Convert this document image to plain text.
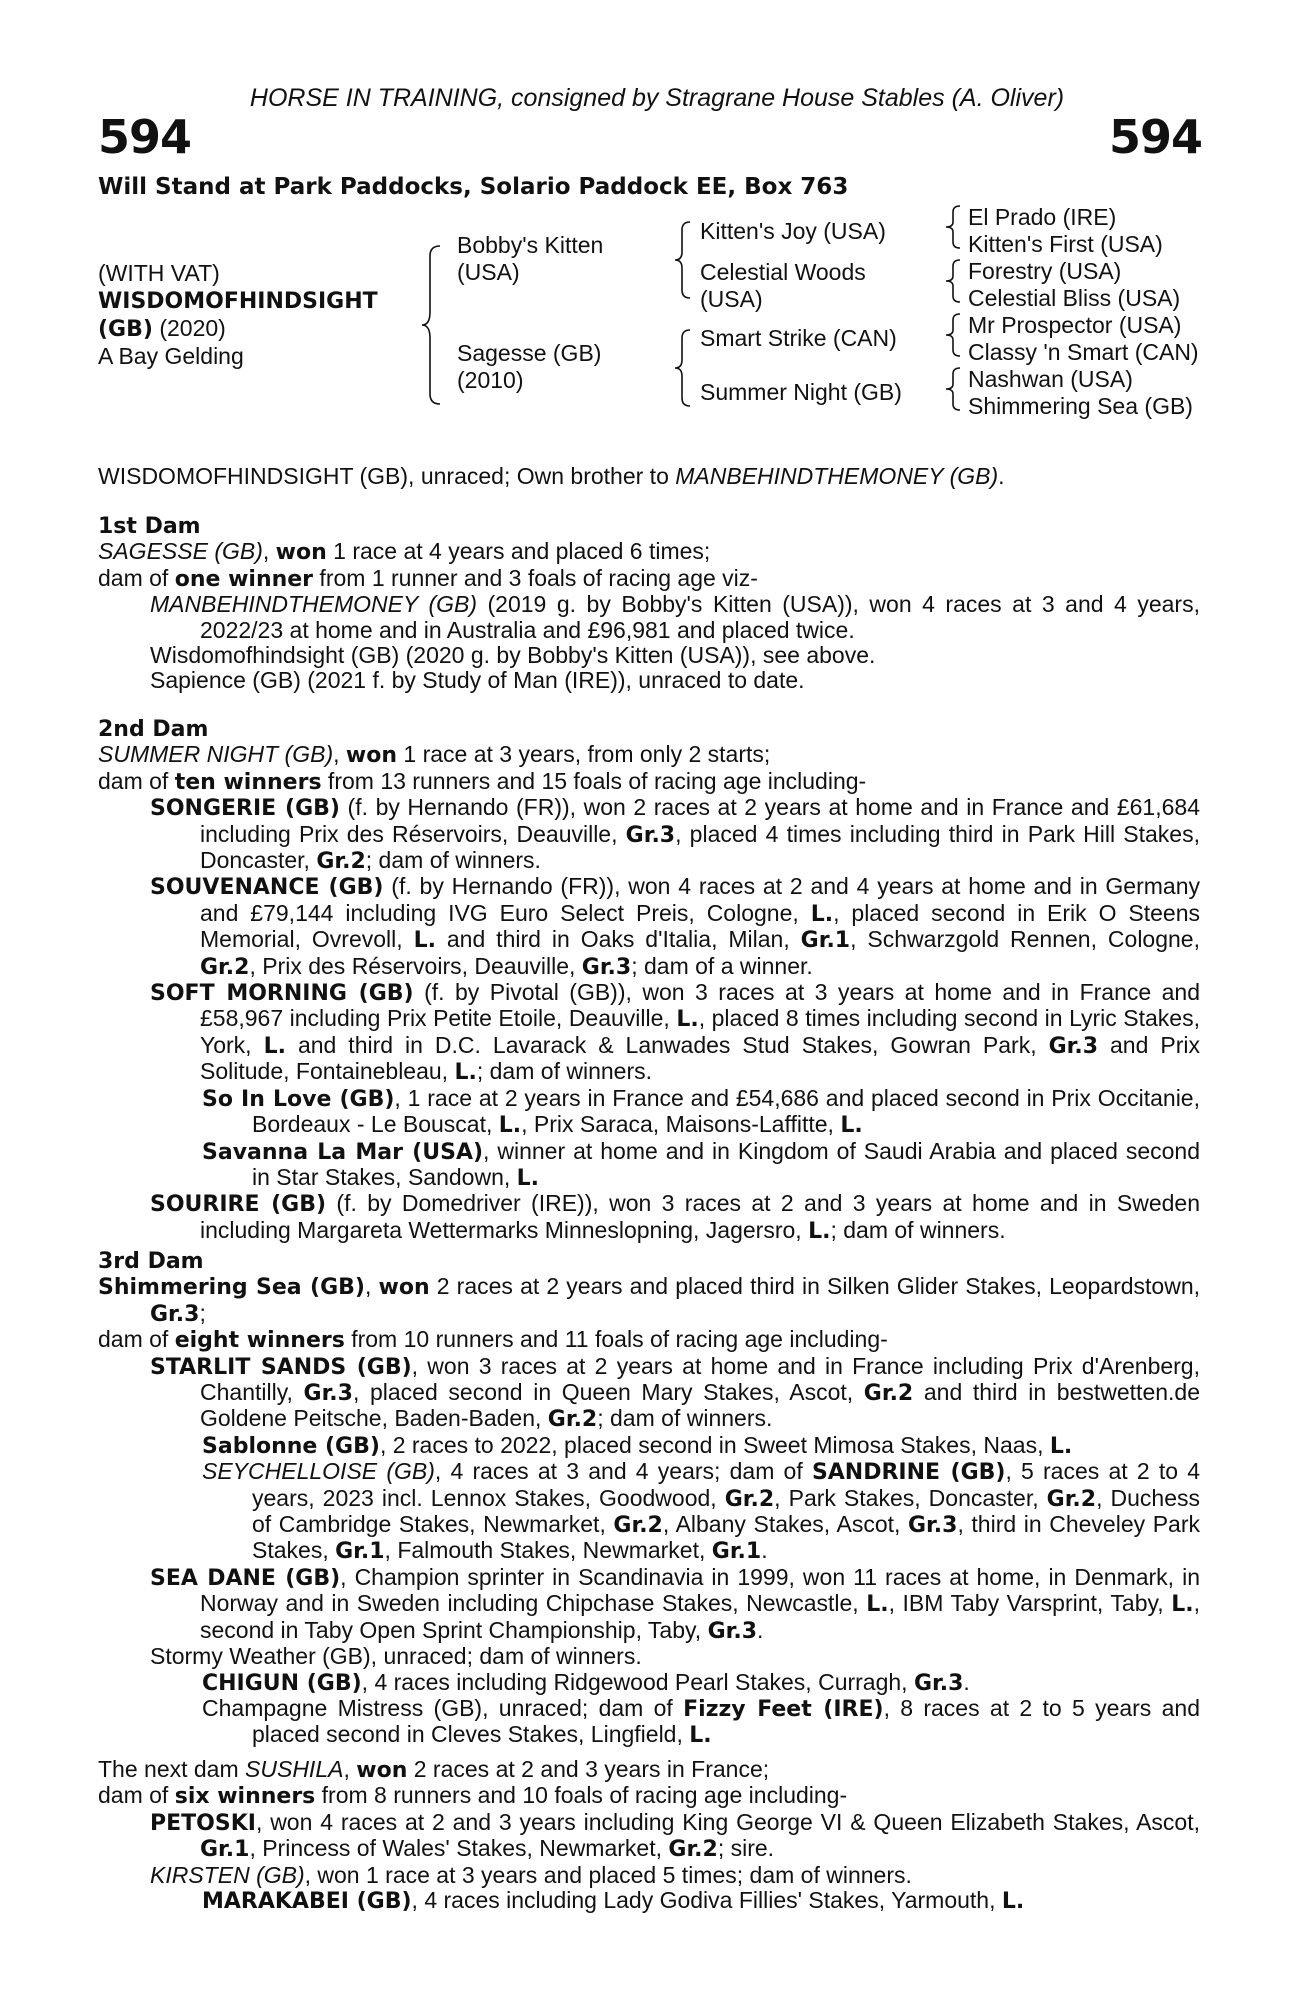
HORSE IN TRAINING, consigned by Stragrane House Stables (A. Oliver)
594	594
Will Stand at Park Paddocks, Solario Paddock EE, Box 763
(WITH VAT)
WISDOMOFHINDSIGHT
(GB) (2020)
A Bay Gelding
Bobby's Kitten
(USA)
Sagesse (GB)
(2010)
Kitten's Joy (USA)
Celestial Woods
(USA)
Smart Strike (CAN)
Summer Night (GB)
El Prado (IRE)
Kitten's First (USA)
Forestry (USA)
Celestial Bliss (USA)
Mr Prospector (USA)
Classy 'n Smart (CAN)
Nashwan (USA)
Shimmering Sea (GB)

WISDOMOFHINDSIGHT (GB), unraced; Own brother to MANBEHINDTHEMONEY (GB).

1st Dam

SAGESSE (GB), won 1 race at 4 years and placed 6 times;

dam of one winner from 1 runner and 3 foals of racing age viz-

MANBEHINDTHEMONEY (GB) (2019 g. by Bobby's Kitten (USA)), won 4 races at 3 and 4 years, 2022/23 at home and in Australia and £96,981 and placed twice.

Wisdomofhindsight (GB) (2020 g. by Bobby's Kitten (USA)), see above.

Sapience (GB) (2021 f. by Study of Man (IRE)), unraced to date.

2nd Dam

SUMMER NIGHT (GB), won 1 race at 3 years, from only 2 starts;

dam of ten winners from 13 runners and 15 foals of racing age including-

SONGERIE (GB) (f. by Hernando (FR)), won 2 races at 2 years at home and in France and £61,684 including Prix des Réservoirs, Deauville, Gr.3, placed 4 times including third in Park Hill Stakes, Doncaster, Gr.2; dam of winners.

SOUVENANCE (GB) (f. by Hernando (FR)), won 4 races at 2 and 4 years at home and in Germany and £79,144 including IVG Euro Select Preis, Cologne, L., placed second in Erik O Steens Memorial, Ovrevoll, L. and third in Oaks d'Italia, Milan, Gr.1, Schwarzgold Rennen, Cologne, Gr.2, Prix des Réservoirs, Deauville, Gr.3; dam of a winner.

SOFT MORNING (GB) (f. by Pivotal (GB)), won 3 races at 3 years at home and in France and £58,967 including Prix Petite Etoile, Deauville, L., placed 8 times including second in Lyric Stakes, York, L. and third in D.C. Lavarack & Lanwades Stud Stakes, Gowran Park, Gr.3 and Prix Solitude, Fontainebleau, L.; dam of winners.

So In Love (GB), 1 race at 2 years in France and £54,686 and placed second in Prix Occitanie, Bordeaux - Le Bouscat, L., Prix Saraca, Maisons-Laffitte, L.

Savanna La Mar (USA), winner at home and in Kingdom of Saudi Arabia and placed second in Star Stakes, Sandown, L.

SOURIRE (GB) (f. by Domedriver (IRE)), won 3 races at 2 and 3 years at home and in Sweden including Margareta Wettermarks Minneslopning, Jagersro, L.; dam of winners.

3rd Dam

Shimmering Sea (GB), won 2 races at 2 years and placed third in Silken Glider Stakes, Leopardstown, Gr.3;

dam of eight winners from 10 runners and 11 foals of racing age including-

STARLIT SANDS (GB), won 3 races at 2 years at home and in France including Prix d'Arenberg, Chantilly, Gr.3, placed second in Queen Mary Stakes, Ascot, Gr.2 and third in bestwetten.de Goldene Peitsche, Baden-Baden, Gr.2; dam of winners.

Sablonne (GB), 2 races to 2022, placed second in Sweet Mimosa Stakes, Naas, L.

SEYCHELLOISE (GB), 4 races at 3 and 4 years; dam of SANDRINE (GB), 5 races at 2 to 4 years, 2023 incl. Lennox Stakes, Goodwood, Gr.2, Park Stakes, Doncaster, Gr.2, Duchess of Cambridge Stakes, Newmarket, Gr.2, Albany Stakes, Ascot, Gr.3, third in Cheveley Park Stakes, Gr.1, Falmouth Stakes, Newmarket, Gr.1.

SEA DANE (GB), Champion sprinter in Scandinavia in 1999, won 11 races at home, in Denmark, in Norway and in Sweden including Chipchase Stakes, Newcastle, L., IBM Taby Varsprint, Taby, L., second in Taby Open Sprint Championship, Taby, Gr.3.

Stormy Weather (GB), unraced; dam of winners.

CHIGUN (GB), 4 races including Ridgewood Pearl Stakes, Curragh, Gr.3.

Champagne Mistress (GB), unraced; dam of Fizzy Feet (IRE), 8 races at 2 to 5 years and placed second in Cleves Stakes, Lingfield, L.

The next dam SUSHILA, won 2 races at 2 and 3 years in France;

dam of six winners from 8 runners and 10 foals of racing age including-

PETOSKI, won 4 races at 2 and 3 years including King George VI & Queen Elizabeth Stakes, Ascot, Gr.1, Princess of Wales' Stakes, Newmarket, Gr.2; sire.

KIRSTEN (GB), won 1 race at 3 years and placed 5 times; dam of winners.

MARAKABEI (GB), 4 races including Lady Godiva Fillies' Stakes, Yarmouth, L.
